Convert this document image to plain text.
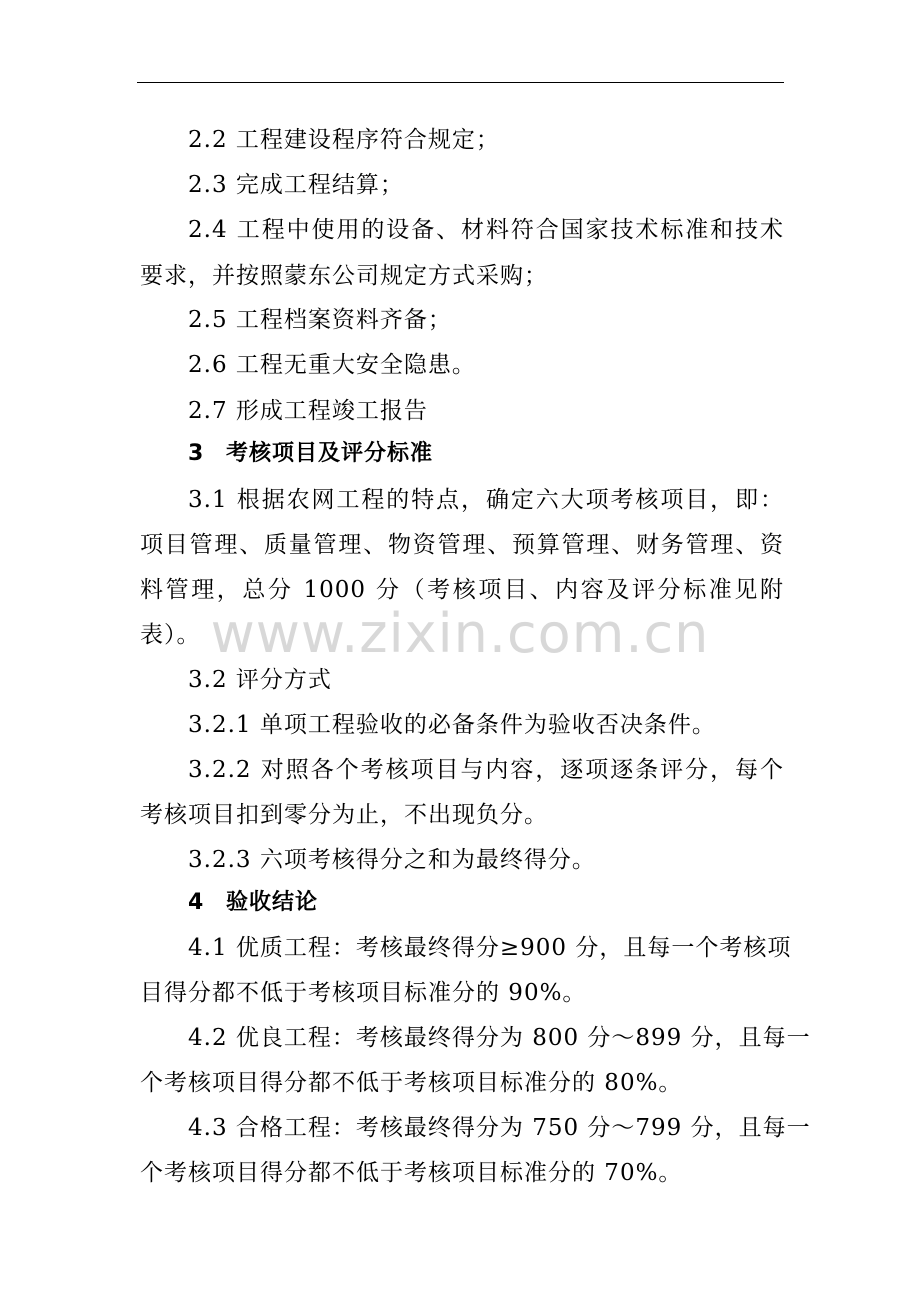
2.2 工程建设程序符合规定；
2.3 完成工程结算；
2.4 工程中使用的设备、材料符合国家技术标准和技术
要求，并按照蒙东公司规定方式采购；
2.5 工程档案资料齐备；
2.6 工程无重大安全隐患。
2.7 形成工程竣工报告
3 考核项目及评分标准
3.1 根据农网工程的特点，确定六大项考核项目，即：
项目管理、质量管理、物资管理、预算管理、财务管理、资
料管理，总分 1000 分（考核项目、内容及评分标准见附
表）。 www.zixin.com.cn
3.2 评分方式
3.2.1 单项工程验收的必备条件为验收否决条件。
3.2.2 对照各个考核项目与内容，逐项逐条评分，每个
考核项目扣到零分为止，不出现负分。
3.2.3 六项考核得分之和为最终得分。
4 验收结论
4.1 优质工程：考核最终得分≥900 分，且每一个考核项
目得分都不低于考核项目标准分的 90%。
4.2 优良工程：考核最终得分为 800 分～899 分，且每一
个考核项目得分都不低于考核项目标准分的 80%。
4.3 合格工程：考核最终得分为 750 分～799 分，且每一
个考核项目得分都不低于考核项目标准分的 70%。
